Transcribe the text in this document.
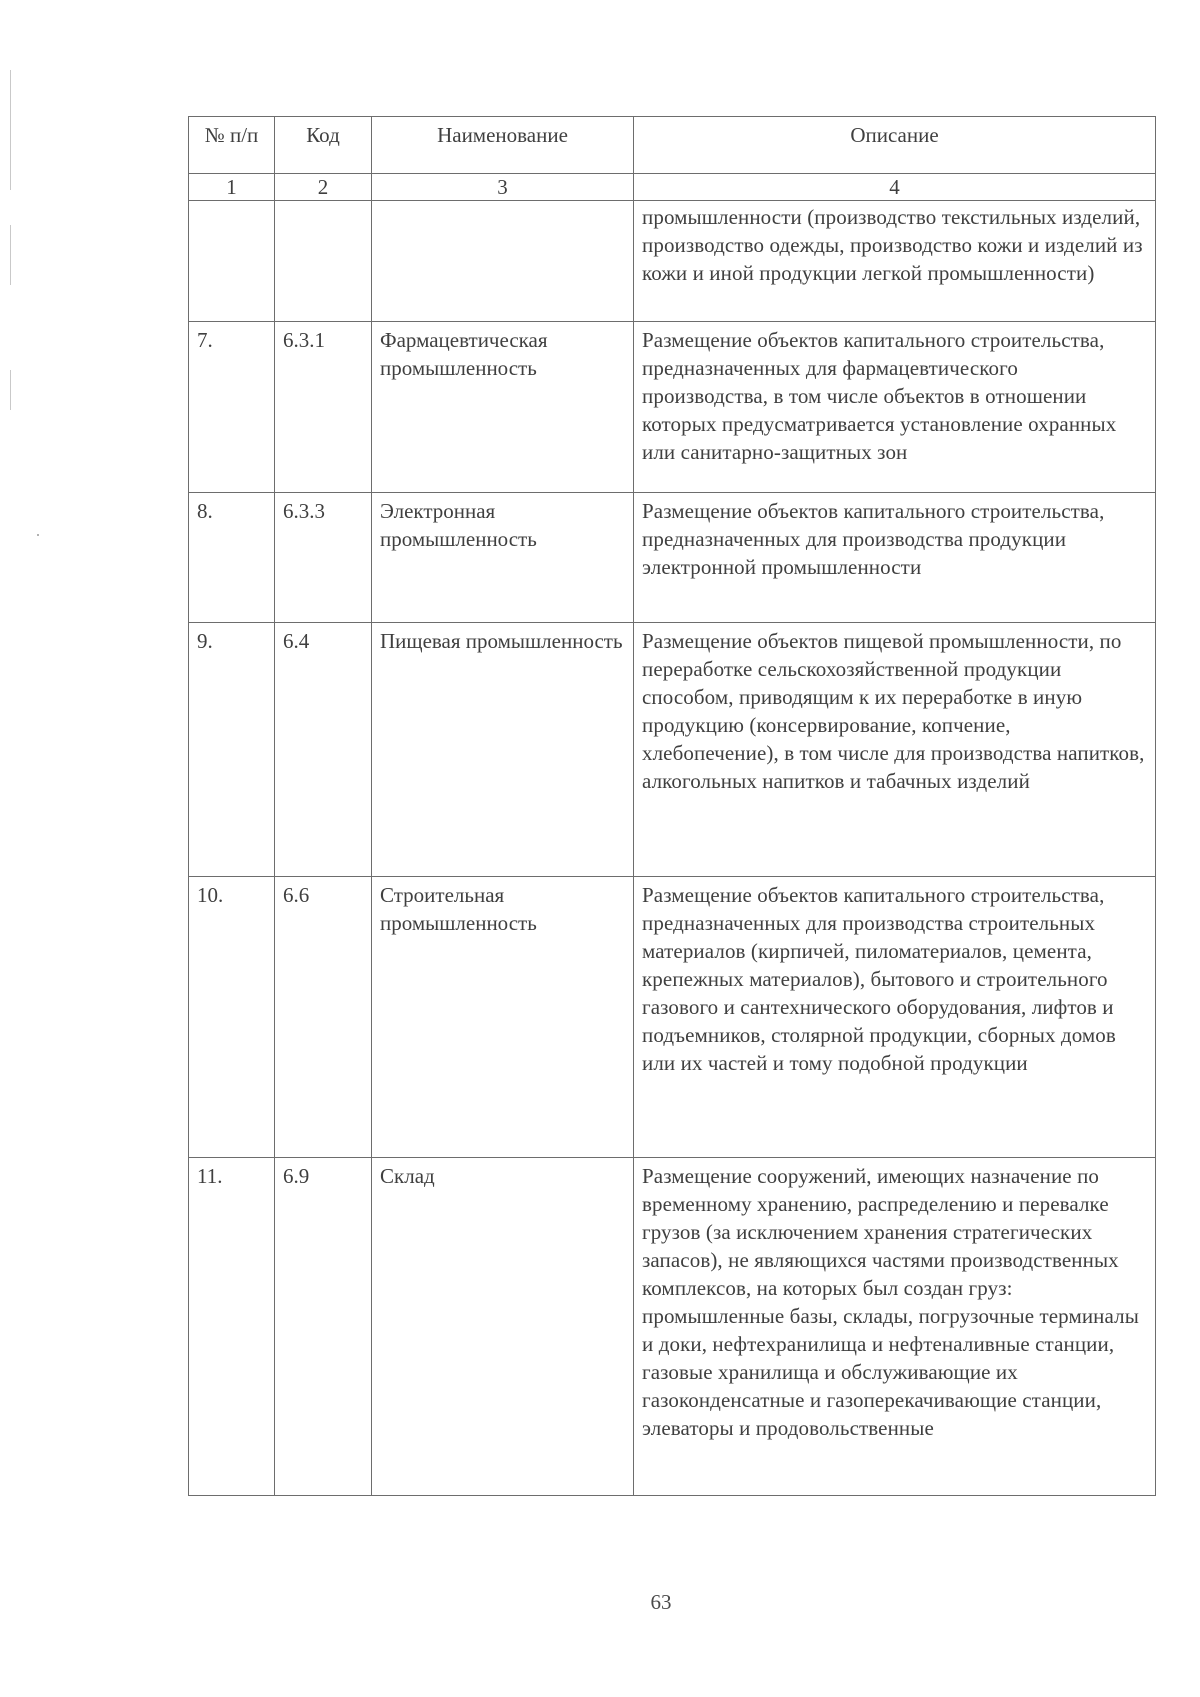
№ п/п	Код	Наименование	Описание
1	2	3	4
			промышленности (производство текстильных изделий, производство одежды, производство кожи и изделий из кожи и иной продукции легкой промышленности)
7.	6.3.1	Фармацевтическая промышленность	Размещение объектов капитального строительства, предназначенных для фармацевтического производства, в том числе объектов в отношении которых предусматривается установление охранных или санитарно-защитных зон
8.	6.3.3	Электронная промышленность	Размещение объектов капитального строительства, предназначенных для производства продукции электронной промышленности
9.	6.4	Пищевая промышленность	Размещение объектов пищевой промышленности, по переработке сельскохозяйственной продукции способом, приводящим к их переработке в иную продукцию (консервирование, копчение, хлебопечение), в том числе для производства напитков, алкогольных напитков и табачных изделий
10.	6.6	Строительная промышленность	Размещение объектов капитального строительства, предназначенных для производства строительных материалов (кирпичей, пиломатериалов, цемента, крепежных материалов), бытового и строительного газового и сантехнического оборудования, лифтов и подъемников, столярной продукции, сборных домов или их частей и тому подобной продукции
11.	6.9	Склад	Размещение сооружений, имеющих назначение по временному хранению, распределению и перевалке грузов (за исключением хранения стратегических запасов), не являющихся частями производственных комплексов, на которых был создан груз: промышленные базы, склады, погрузочные терминалы и доки, нефтехранилища и нефтеналивные станции, газовые хранилища и обслуживающие их газоконденсатные и газоперекачивающие станции, элеваторы и продовольственные
63
